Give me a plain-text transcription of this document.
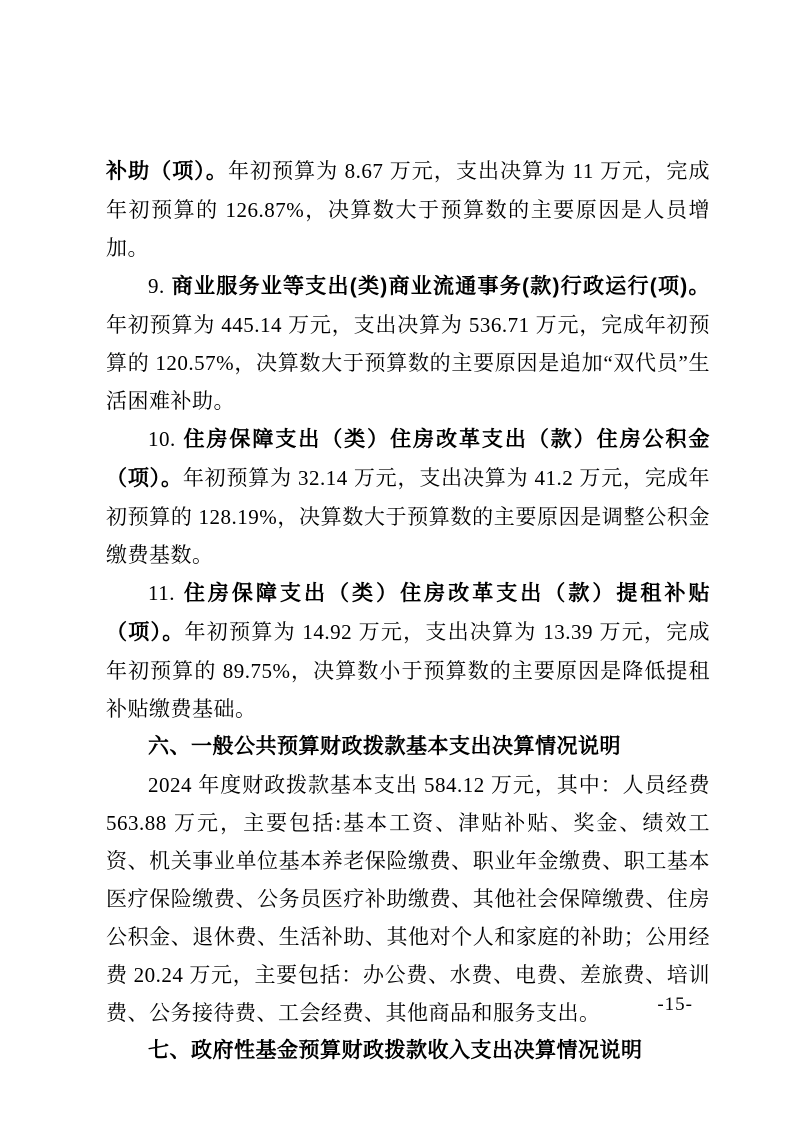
补助（项）。年初预算为 8.67 万元，支出决算为 11 万元，完成年初预算的 126.87%，决算数大于预算数的主要原因是人员增加。

9. 商业服务业等支出(类)商业流通事务(款)行政运行(项)。年初预算为 445.14 万元，支出决算为 536.71 万元，完成年初预算的 120.57%，决算数大于预算数的主要原因是追加“双代员”生活困难补助。

10. 住房保障支出（类）住房改革支出（款）住房公积金（项）。年初预算为 32.14 万元，支出决算为 41.2 万元，完成年初预算的 128.19%，决算数大于预算数的主要原因是调整公积金缴费基数。

11. 住房保障支出（类）住房改革支出（款）提租补贴（项）。年初预算为 14.92 万元，支出决算为 13.39 万元，完成年初预算的 89.75%，决算数小于预算数的主要原因是降低提租补贴缴费基础。

六、一般公共预算财政拨款基本支出决算情况说明

2024 年度财政拨款基本支出 584.12 万元，其中：人员经费 563.88 万元，主要包括:基本工资、津贴补贴、奖金、绩效工资、机关事业单位基本养老保险缴费、职业年金缴费、职工基本医疗保险缴费、公务员医疗补助缴费、其他社会保障缴费、住房公积金、退休费、生活补助、其他对个人和家庭的补助；公用经费 20.24 万元，主要包括：办公费、水费、电费、差旅费、培训费、公务接待费、工会经费、其他商品和服务支出。

七、政府性基金预算财政拨款收入支出决算情况说明
-15-
